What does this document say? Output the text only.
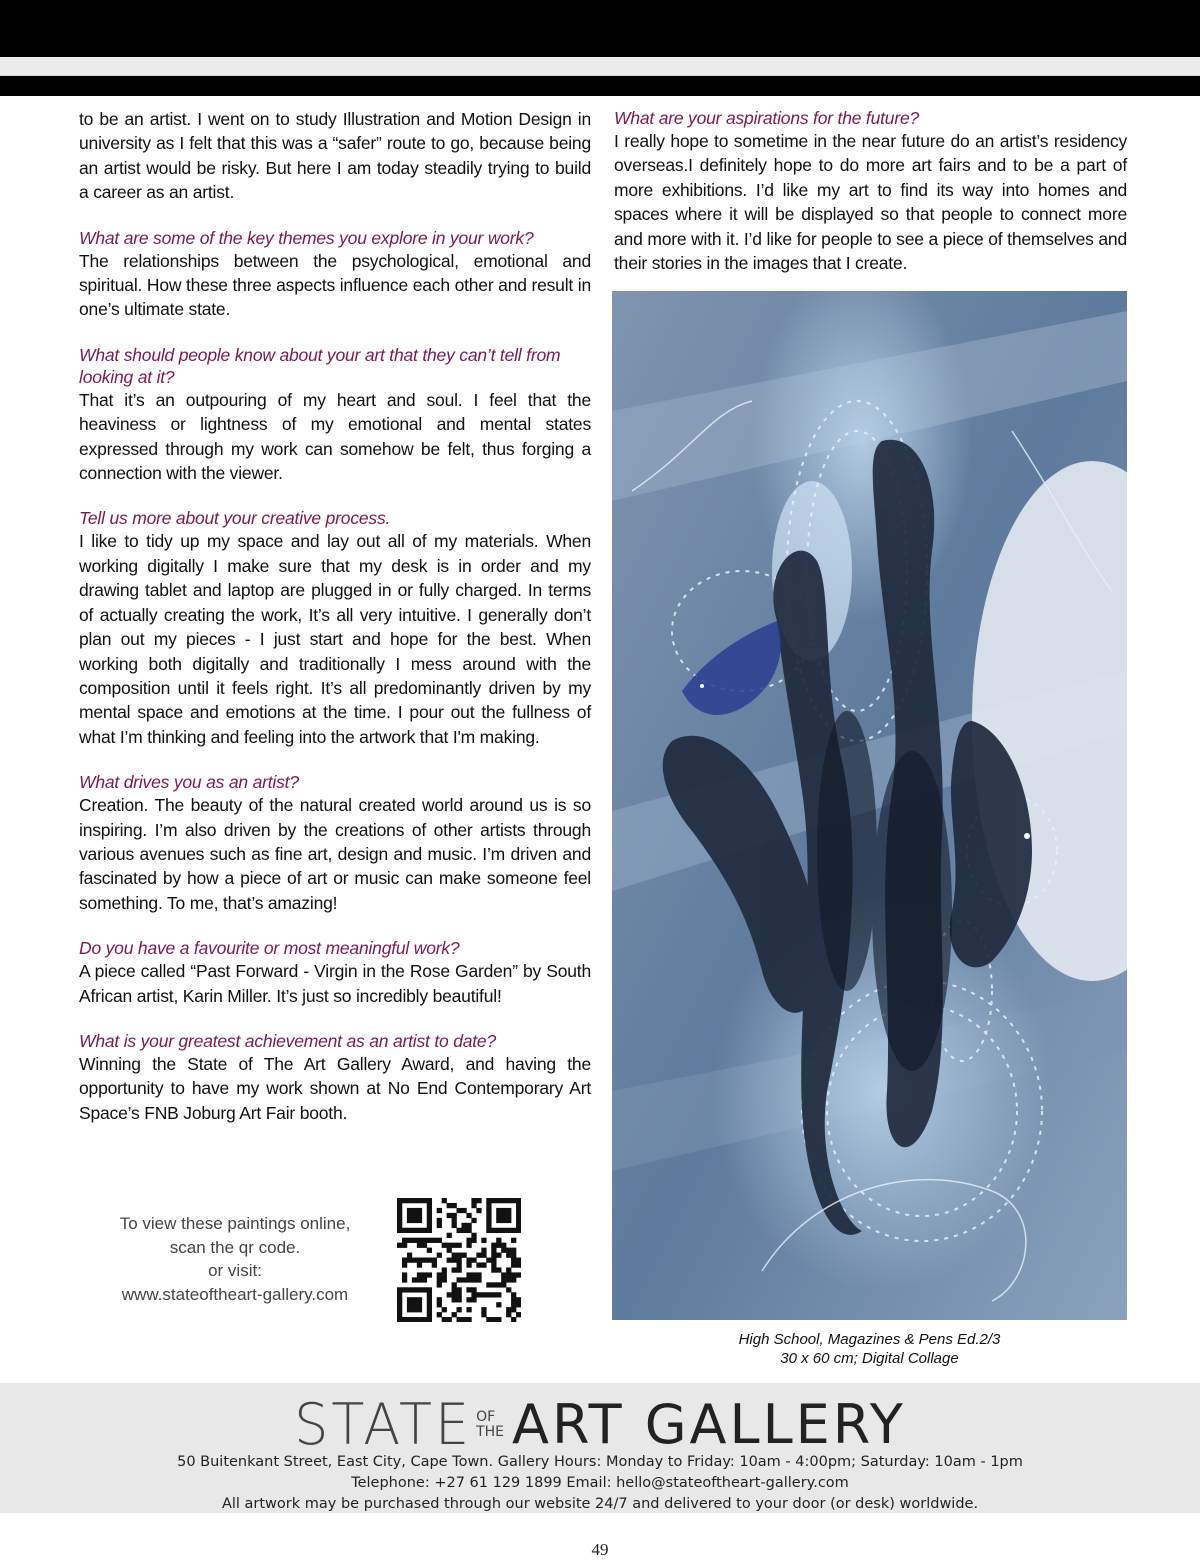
to be an artist. I went on to study Illustration and Motion Design in university as I felt that this was a “safer” route to go, because being an artist would be risky. But here I am today steadily trying to build a career as an artist.

What are some of the key themes you explore in your work?

The relationships between the psychological, emotional and spiritual. How these three aspects influence each other and result in one’s ultimate state.

What should people know about your art that they can’t tell from looking at it?

That it’s an outpouring of my heart and soul. I feel that the heaviness or lightness of my emotional and mental states expressed through my work can somehow be felt, thus forging a connection with the viewer.

Tell us more about your creative process.

I like to tidy up my space and lay out all of my materials. When working digitally I make sure that my desk is in order and my drawing tablet and laptop are plugged in or fully charged. In terms of actually creating the work, It’s all very intuitive. I generally don’t plan out my pieces - I just start and hope for the best. When working both digitally and traditionally I mess around with the composition until it feels right. It’s all predominantly driven by my mental space and emotions at the time. I pour out the fullness of what I’m thinking and feeling into the artwork that I'm making.

What drives you as an artist?

Creation. The beauty of the natural created world around us is so inspiring. I’m also driven by the creations of other artists through various avenues such as fine art, design and music. I’m driven and fascinated by how a piece of art or music can make someone feel something. To me, that’s amazing!

Do you have a favourite or most meaningful work?

A piece called “Past Forward - Virgin in the Rose Garden” by South African artist, Karin Miller. It’s just so incredibly beautiful!

What is your greatest achievement as an artist to date?

Winning the State of The Art Gallery Award, and having the opportunity to have my work shown at No End Contemporary Art Space’s FNB Joburg Art Fair booth.

What are your aspirations for the future?

I really hope to sometime in the near future do an artist’s residency overseas.I definitely hope to do more art fairs and to be a part of more exhibitions. I’d like my art to find its way into homes and spaces where it will be displayed so that people to connect more and more with it. I’d like for people to see a piece of themselves and their stories in the images that I create.

High School, Magazines & Pens Ed.2/3
30 x 60 cm; Digital Collage
To view these paintings online,
scan the qr code.
or visit:
www.stateoftheart-gallery.com
STATE OF
THE ART GALLERY
50 Buitenkant Street, East City, Cape Town. Gallery Hours: Monday to Friday: 10am - 4:00pm; Saturday: 10am - 1pm
Telephone: +27 61 129 1899 Email: hello@stateoftheart-gallery.com
All artwork may be purchased through our website 24/7 and delivered to your door (or desk) worldwide.
49
